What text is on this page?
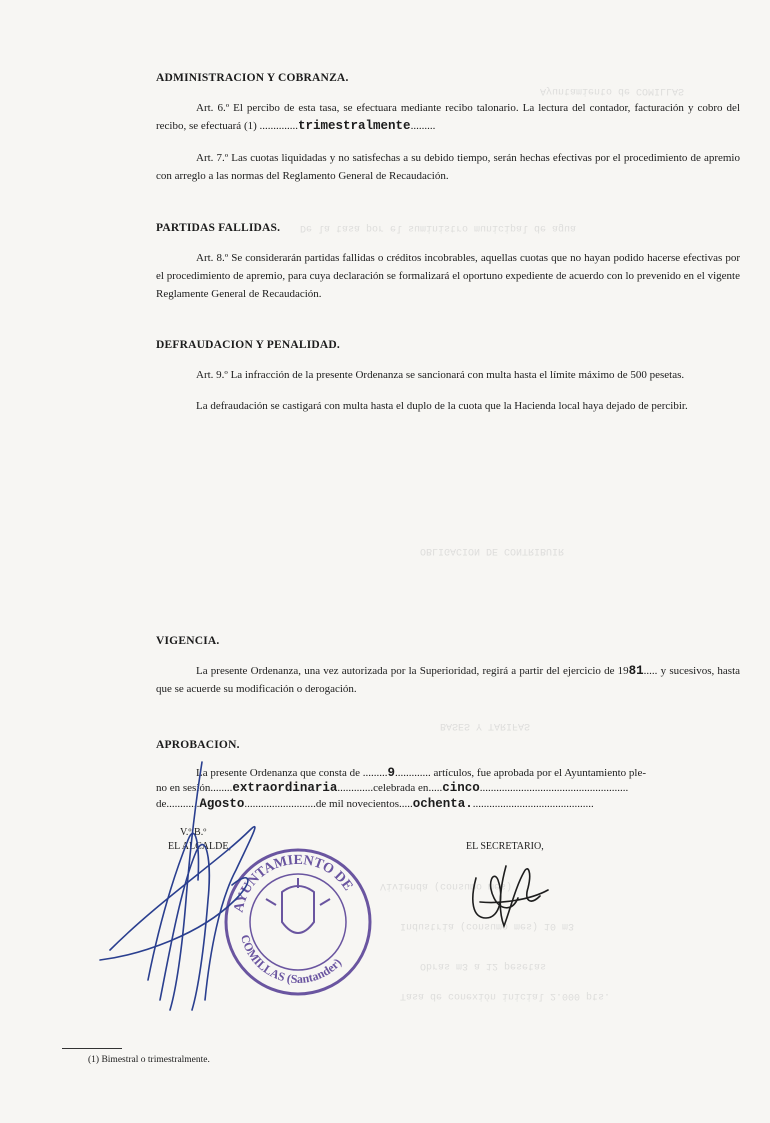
De la tasa por el suministro municipal de agua
Ayuntamiento de COMILLAS
OBLIGACION DE CONTRIBUIR
BASES Y TARIFAS
Vivienda (consumo mes)
Industria (consumo mes) 10 m3
Obras m3 a 12 pesetas
Tasa de conexión inicial 2.000 pts.
ADMINISTRACION Y COBRANZA.
Art. 6.º El percibo de esta tasa, se efectuara mediante recibo talonario. La lectura del contador, facturación y cobro del recibo, se efectuará (1) ..............trimestralmente.........
Art. 7.º Las cuotas liquidadas y no satisfechas a su debido tiempo, serán hechas efectivas por el procedimiento de apremio con arreglo a las normas del Reglamento General de Recaudación.
PARTIDAS FALLIDAS.
Art. 8.º Se considerarán partidas fallidas o créditos incobrables, aquellas cuotas que no hayan podido hacerse efectivas por el procedimiento de apremio, para cuya declaración se formalizará el oportuno expediente de acuerdo con lo prevenido en el vigente Reglamente General de Recaudación.
DEFRAUDACION Y PENALIDAD.
Art. 9.º La infracción de la presente Ordenanza se sancionará con multa hasta el límite máximo de 500 pesetas.
La defraudación se castigará con multa hasta el duplo de la cuota que la Hacienda local haya dejado de percibir.
VIGENCIA.
La presente Ordenanza, una vez autorizada por la Superioridad, regirá a partir del ejercicio de 1981..... y sucesivos, hasta que se acuerde su modificación o derogación.
APROBACION.
La presente Ordenanza que consta de .........9............. artículos, fue aprobada por el Ayuntamiento ple-
no en sesión........extraordinaria.............celebrada en.....cinco......................................................
de............Agosto..........................de mil novecientos.....ochenta.............................................
V.º B.º
EL ALCALDE,	EL SECRETARIO,
AYUNTAMIENTO DE
COMILLAS (Santander)
(1) Bimestral o trimestralmente.
